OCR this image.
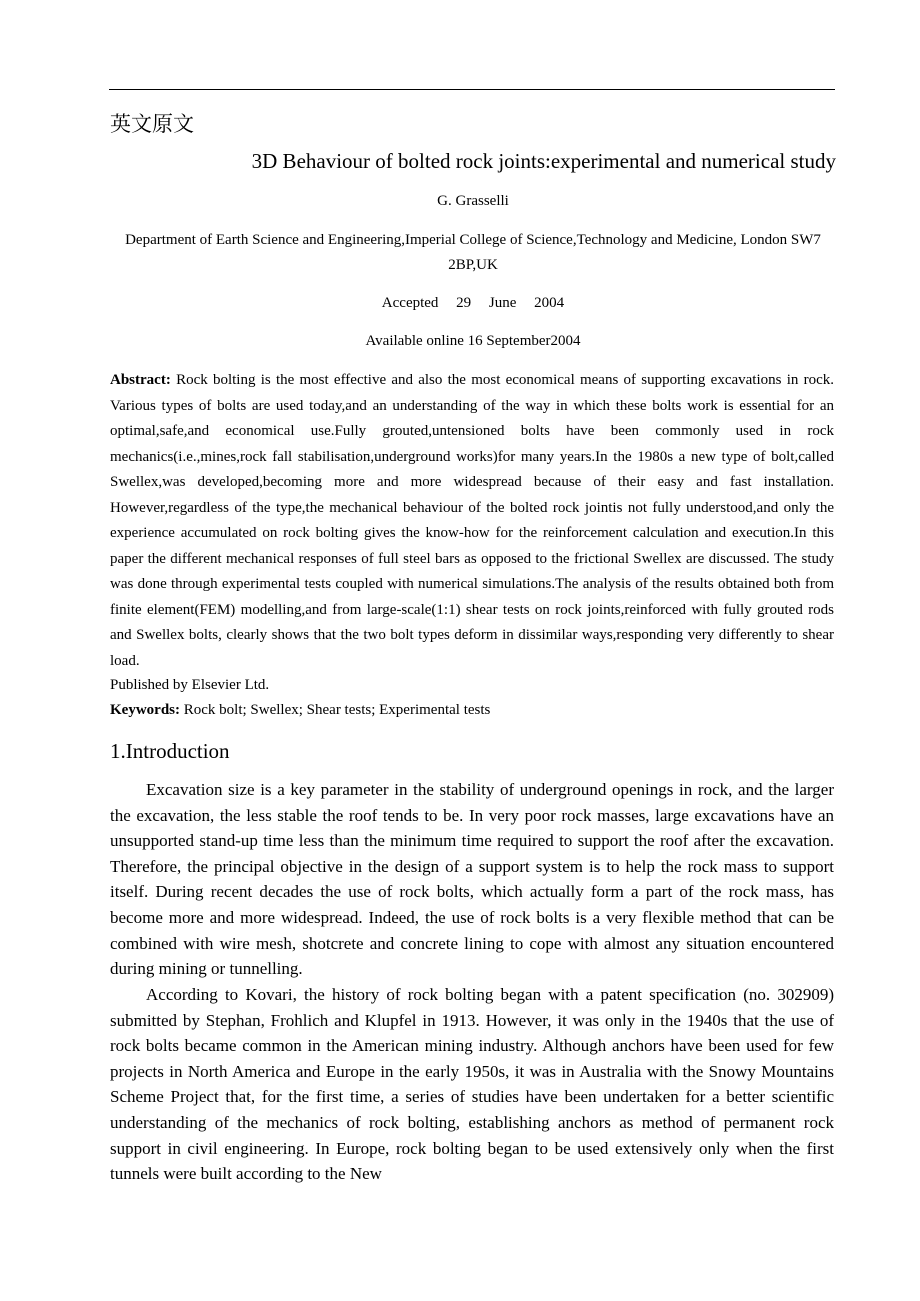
英文原文
3D Behaviour of bolted rock joints:experimental and numerical study
G. Grasselli
Department of Earth Science and Engineering,Imperial College of Science,Technology and Medicine, London SW7 2BP,UK
Accepted 29 June 2004
Available online 16 September2004

Abstract: Rock bolting is the most effective and also the most economical means of supporting excavations in rock. Various types of bolts are used today,and an understanding of the way in which these bolts work is essential for an optimal,safe,and economical use.Fully grouted,untensioned bolts have been commonly used in rock mechanics(i.e.,mines,rock fall stabilisation,underground works)for many years.In the 1980s a new type of bolt,called Swellex,was developed,becoming more and more widespread because of their easy and fast installation. However,regardless of the type,the mechanical behaviour of the bolted rock jointis not fully understood,and only the experience accumulated on rock bolting gives the know-how for the reinforcement calculation and execution.In this paper the different mechanical responses of full steel bars as opposed to the frictional Swellex are discussed. The study was done through experimental tests coupled with numerical simulations.The analysis of the results obtained both from finite element(FEM) modelling,and from large-scale(1:1) shear tests on rock joints,reinforced with fully grouted rods and Swellex bolts, clearly shows that the two bolt types deform in dissimilar ways,responding very differently to shear load.

Published by Elsevier Ltd.
Keywords: Rock bolt; Swellex; Shear tests; Experimental tests
1.Introduction

Excavation size is a key parameter in the stability of underground openings in rock, and the larger the excavation, the less stable the roof tends to be. In very poor rock masses, large excavations have an unsupported stand-up time less than the minimum time required to support the roof after the excavation. Therefore, the principal objective in the design of a support system is to help the rock mass to support itself. During recent decades the use of rock bolts, which actually form a part of the rock mass, has become more and more widespread. Indeed, the use of rock bolts is a very flexible method that can be combined with wire mesh, shotcrete and concrete lining to cope with almost any situation encountered during mining or tunnelling.

According to Kovari, the history of rock bolting began with a patent specification (no. 302909) submitted by Stephan, Frohlich and Klupfel in 1913. However, it was only in the 1940s that the use of rock bolts became common in the American mining industry. Although anchors have been used for few projects in North America and Europe in the early 1950s, it was in Australia with the Snowy Mountains Scheme Project that, for the first time, a series of studies have been undertaken for a better scientific understanding of the mechanics of rock bolting, establishing anchors as method of permanent rock support in civil engineering. In Europe, rock bolting began to be used extensively only when the first tunnels were built according to the New
